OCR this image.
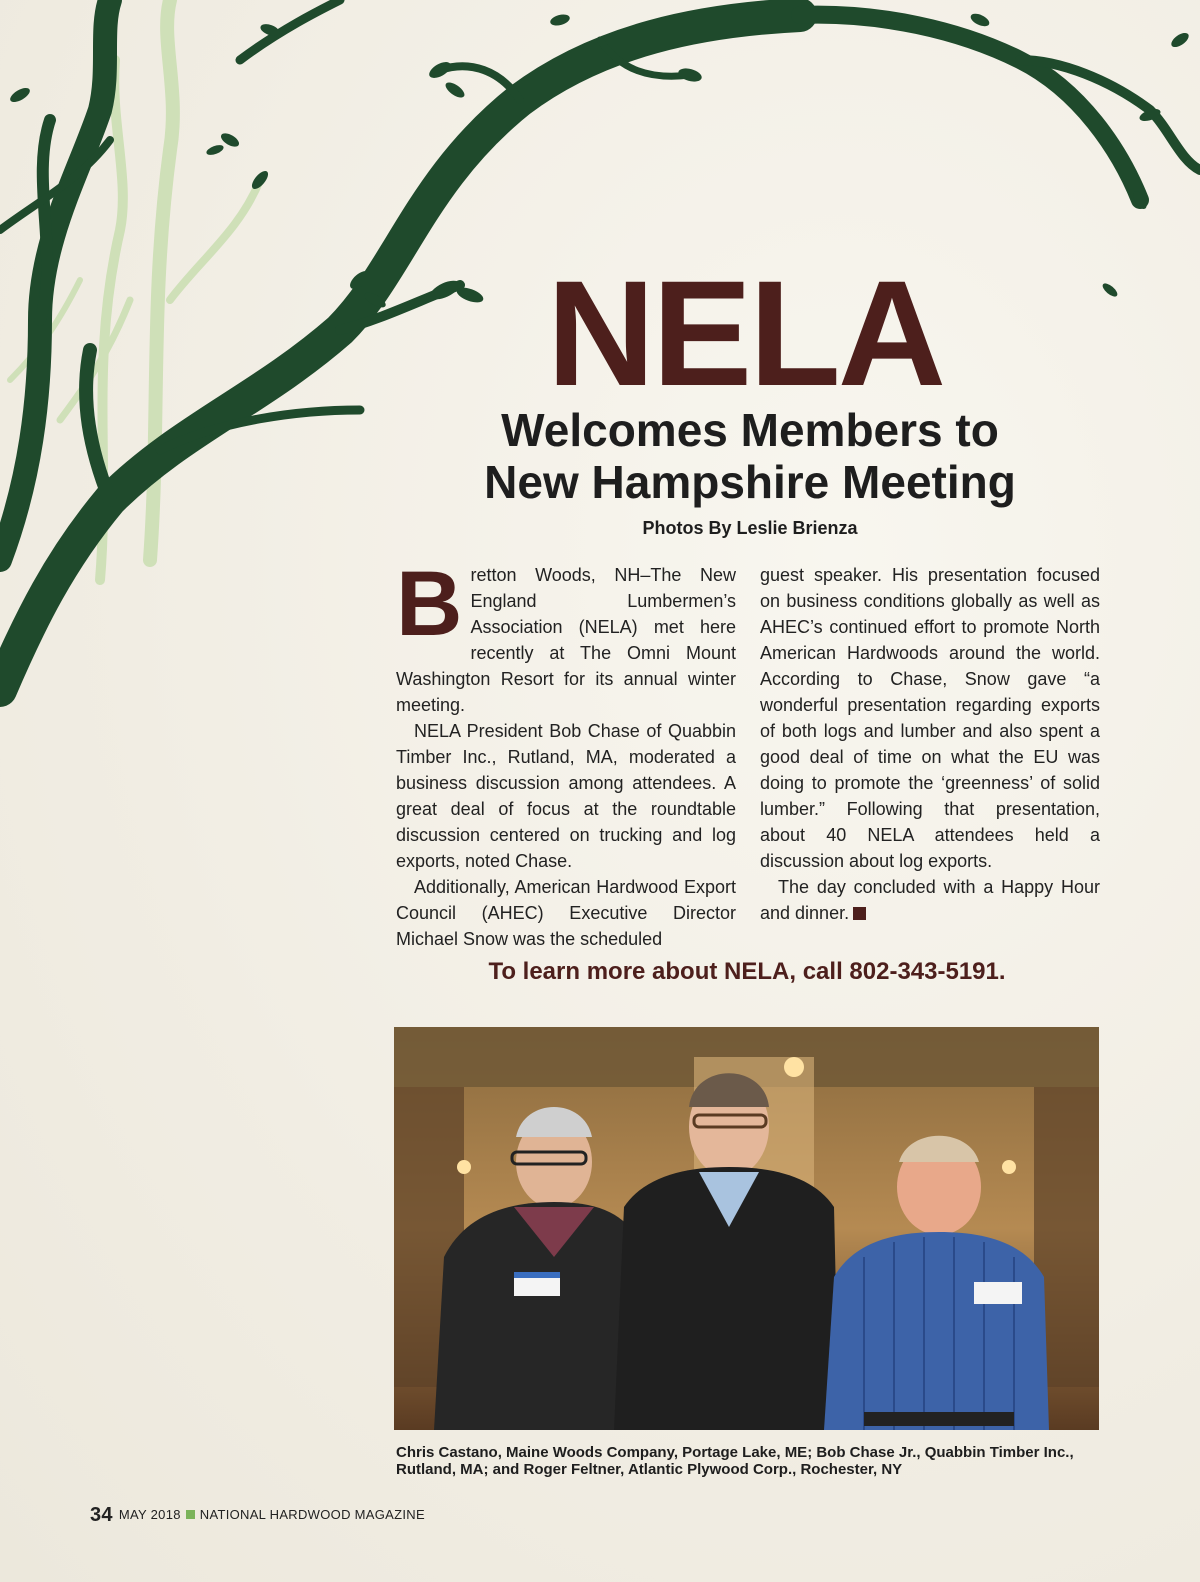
NELA
Welcomes Members to
New Hampshire Meeting
Photos By Leslie Brienza

Bretton Woods, NH–The New England Lumbermen’s Association (NELA) met here recently at The Omni Mount Washington Resort for its annual winter meeting.

NELA President Bob Chase of Quabbin Timber Inc., Rutland, MA, moderated a business discussion among attendees. A great deal of focus at the roundtable discussion centered on trucking and log exports, noted Chase.

Additionally, American Hardwood Export Council (AHEC) Executive Director Michael Snow was the scheduled

guest speaker. His presentation focused on business conditions globally as well as AHEC’s continued effort to promote North American Hardwoods around the world. According to Chase, Snow gave “a wonderful presentation regarding exports of both logs and lumber and also spent a good deal of time on what the EU was doing to promote the ‘greenness’ of solid lumber.” Following that presentation, about 40 NELA attendees held a discussion about log exports.

The day concluded with a Happy Hour and dinner.

To learn more about NELA, call 802-343-5191.
Chris Castano, Maine Woods Company, Portage Lake, ME; Bob Chase Jr., Quabbin Timber Inc., Rutland, MA; and Roger Feltner, Atlantic Plywood Corp., Rochester, NY
34 MAY 2018 NATIONAL HARDWOOD MAGAZINE
